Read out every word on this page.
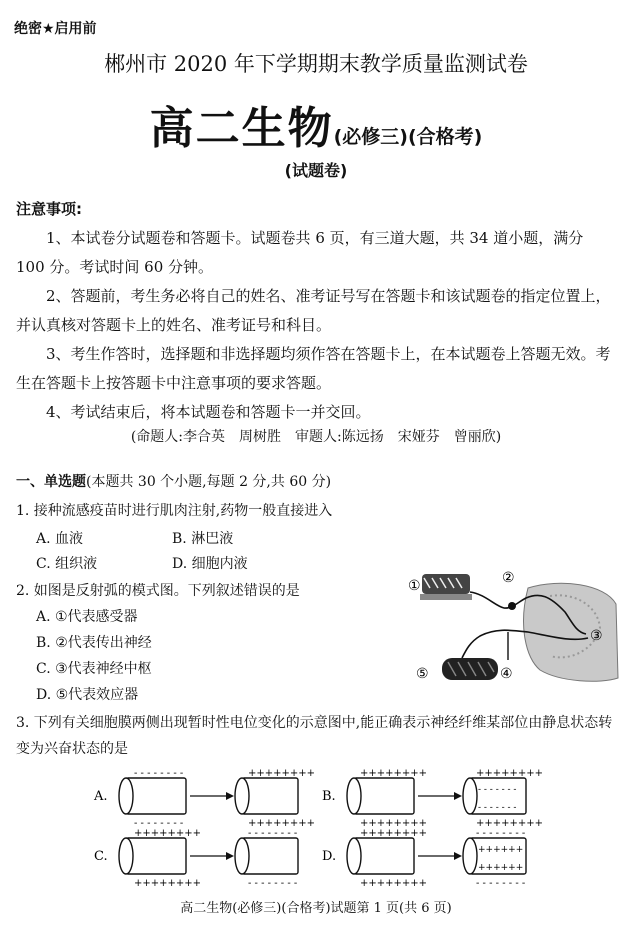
绝密★启用前
郴州市 2020 年下学期期末教学质量监测试卷
高二生物(必修三)(合格考)
(试题卷)
注意事项:
1、本试卷分试题卷和答题卡。试题卷共 6 页，有三道大题，共 34 道小题，满分 100 分。考试时间 60 分钟。
2、答题前，考生务必将自己的姓名、准考证号写在答题卡和该试题卷的指定位置上，并认真核对答题卡上的姓名、准考证号和科目。
3、考生作答时，选择题和非选择题均须作答在答题卡上，在本试题卷上答题无效。考生在答题卡上按答题卡中注意事项的要求答题。
4、考试结束后，将本试题卷和答题卡一并交回。
(命题人:李合英　周树胜　审题人:陈远扬　宋娅芬　曾丽欣)
一、单选题(本题共 30 个小题,每题 2 分,共 60 分)
1. 接种流感疫苗时进行肌肉注射,药物一般直接进入
A. 血液	B. 淋巴液
C. 组织液	D. 细胞内液
2. 如图是反射弧的模式图。下列叙述错误的是
A. ①代表感受器
B. ②代表传出神经
C. ③代表神经中枢
D. ⑤代表效应器
①	②
③
④
⑤
3. 下列有关细胞膜两侧出现暂时性电位变化的示意图中,能正确表示神经纤维某部位由静息状态转变为兴奋状态的是
A.
- - - - - - - -
- - - - - - - -
++++++++
++++++++
B.
++++++++
++++++++
++++++++
- - - - - - -
- - - - - - -
++++++++
C.
++++++++
++++++++
- - - - - - - -
- - - - - - - -
D.
++++++++
++++++++
- - - - - - - -
++++++
++++++
- - - - - - - -
高二生物(必修三)(合格考)试题第 1 页(共 6 页)
